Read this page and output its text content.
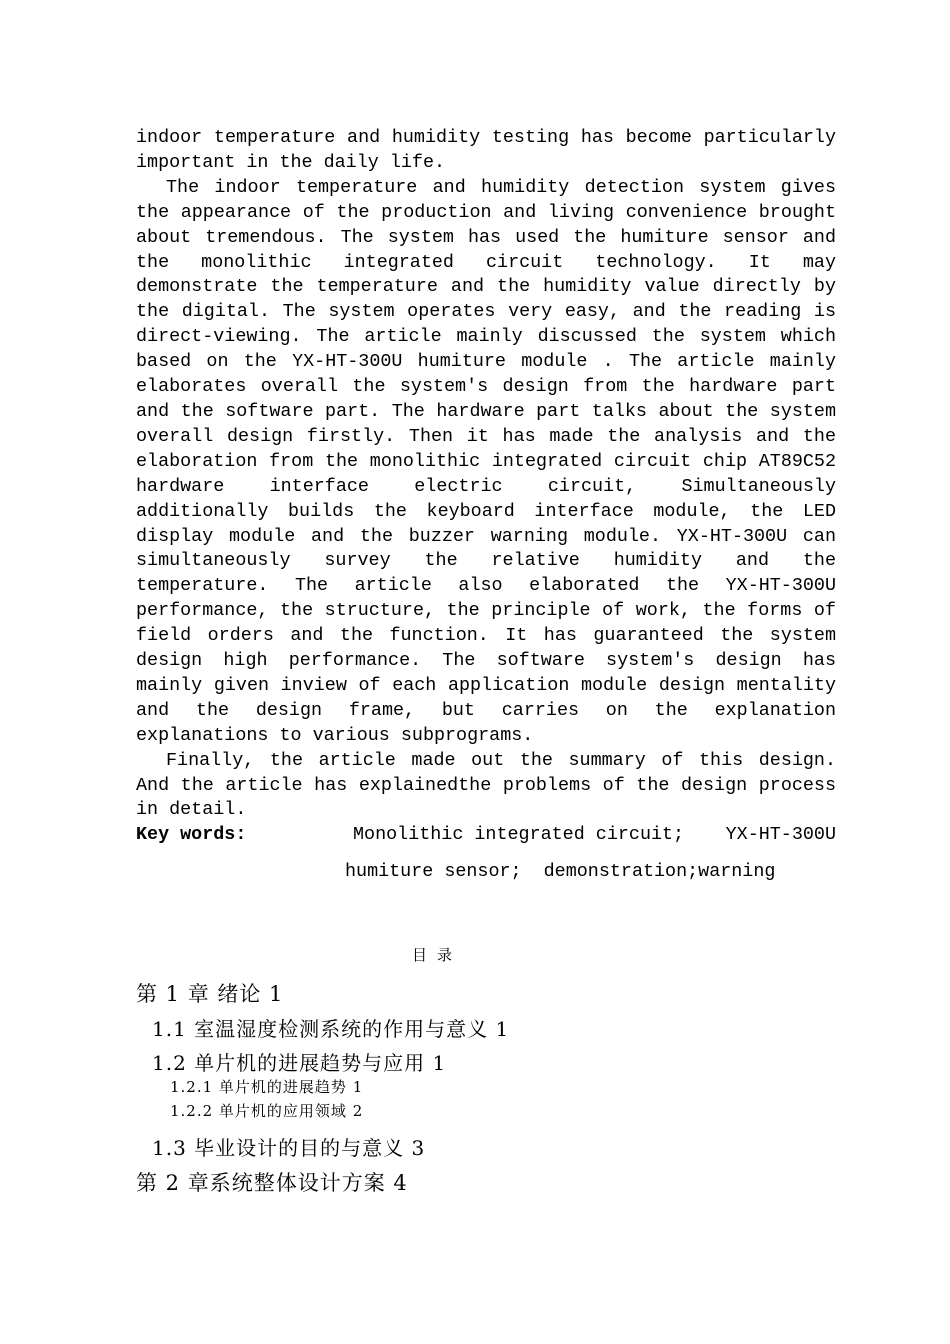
indoor temperature and humidity testing has become particularly important in the daily life.

The indoor temperature and humidity detection system gives the appearance of the production and living convenience brought about tremendous. The system has used the humiture sensor and the monolithic integrated circuit technology. It may demonstrate the temperature and the humidity value directly by the digital. The system operates very easy, and the reading is direct-viewing. The article mainly discussed the system which based on the YX-HT-300U humiture module . The article mainly elaborates overall the system's design from the hardware part and the software part. The hardware part talks about the system overall design firstly. Then it has made the analysis and the elaboration from the monolithic integrated circuit chip AT89C52 hardware interface electric circuit, Simultaneously additionally builds the keyboard interface module, the LED display module and the buzzer warning module. YX-HT-300U can simultaneously survey the relative humidity and the temperature. The article also elaborated the YX-HT-300U performance, the structure, the principle of work, the forms of field orders and the function. It has guaranteed the system design high performance. The software system's design has mainly given inview of each application module design mentality and the design frame, but carries on the explanation explanations to various subprograms.

Finally, the article made out the summary of this design. And the article has explainedthe problems of the design process in detail.

Key words:	Monolithic integrated circuit; YX-HT-300U
humiture sensor;  demonstration;warning
目录
第 1 章 绪论 1
1.1 室温湿度检测系统的作用与意义 1
1.2 单片机的进展趋势与应用 1
1.2.1 单片机的进展趋势 1
1.2.2 单片机的应用领域 2
1.3 毕业设计的目的与意义 3
第 2 章系统整体设计方案 4
